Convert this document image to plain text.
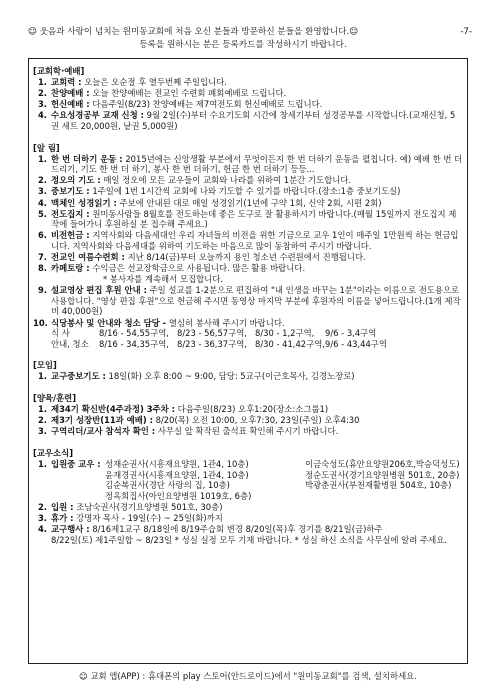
☺ 웃음과 사랑이 넘치는 원미동교회에 처음 오신 분들과 방문하신 분들을 환영합니다.☺	-7-
등록을 원하시는 분은 등록카드를 작성하시기 바랍니다.
[교회학·예배]
1. 교회력 : 오늘은 오순절 후 열두번째 주일입니다.
2. 찬양예배 : 오늘 찬양예배는 전교인 수련회 폐회예배로 드립니다.
3. 헌신예배 : 다음주일(8/23) 찬양예배는 제7여전도회 헌신예배로 드립니다.
4. 수요성경공부 교재 신청 : 9월 2일(수)부터 수요기도회 시간에 창세기부터 성경공부를 시작합니다.(교재신청, 5권 세트 20,000원, 낱권 5,000원)
[알 림]
1. 한 번 더하기 운동 : 2015년에는 신앙생활 부분에서 무엇이든지 한 번 더하기 운동을 펼칩니다. 예) 예배 한 번 더 드리기, 기도 한 번 더 하기, 봉사 한 번 더하기, 헌금 한 번 더하기 등등...
2. 정오의 기도 : 매일 정오에 모든 교우들이 교회와 나라를 위하여 1분간 기도합니다.
3. 중보기도 : 1주일에 1번 1시간씩 교회에 나와 기도할 수 있기를 바랍니다.(장소:1층 중보기도실)
4. 맥체인 성경읽기 : 주보에 안내된 대로 매일 성경읽기(1년에 구약 1회, 신약 2회, 시편 2회)
5. 전도집지 : 원미동사람들 8월호를 전도하는데 좋은 도구로 잘 활용하시기 바랍니다.(매월 15일까지 전도집지 제작에 들어가니 후원하실 분 접수해 주세요.)
6. 비전헌금 : 지역사회와 다음세대인 우리 자녀들의 비전을 위한 기금으로 교우 1인이 매주일 1만원씩 하는 헌금입니다. 지역사회와 다음세대를 위하여 기도하는 마음으로 많이 동참하여 주시기 바랍니다.
7. 전교인 여름수련회 : 지난 8/14(금)부터 오늘까지 용인 청소년 수련원에서 진행됩니다.
8. 카페토랑 : 수익금은 선교장학금으로 사용됩니다. 많은 활용 바랍니다.
* 봉사자를 계속해서 모집합니다.
9. 설교영상 편집 후원 안내 : 주일 설교를 1-2분으로 편집하여 "내 인생을 바꾸는 1분"이라는 이름으로 전도용으로 사용합니다. "영상 편집 후원"으로 헌금해 주시면 동영상 마지막 부분에 후원자의 이름을 넣어드립니다.(1개 제작비 40,000원)
10. 식당봉사 및 안내와 청소 담당 - 열심히 봉사해 주시기 바랍니다.
식 사	8/16 - 54,55구역, 8/23 - 56,57구역, 8/30 - 1,2구역,	9/6 - 3,4구역
안내, 청소	8/16 - 34,35구역, 8/23 - 36,37구역, 8/30 - 41,42구역, 9/6 - 43,44구역
[모임]
1. 교구중보기도 : 18일(화) 오후 8:00 ~ 9:00, 담당: 5교구(이근호목사, 김경노장로)
[양육/훈련]
1. 제34기 확신반(4주과정) 3주차 : 다음주일(8/23) 오후1:20(장소:소그룹1)
2. 제3기 성장반(11과 예배) : 8/20(목) 오전 10:00, 오후7:30, 23일(주일) 오후4:30
3. 구역리더/교사 참석자 확인 : 사무실 앞 확작된 출석표 확인해 주시기 바랍니다.
[교우소식]
1. 입원중 교우 : 성재순권사(시흥재요양원, 1관4, 10층)	이금숙성도(휴안요양원206호,박승덕성도)
윤재경권사(시흥재요양원, 1관4, 10층)	정순도권사(경기요양원병원 501호, 20층)
김순복권사(경단 사랑의 집, 10층)	박광춘권사(부천재활병원 504호, 10층)
정옥희집사(아인요양병원 1019호, 6층)
2. 입원 : 조남숙권사(경기요양병원 501호, 30층)
3. 휴가 : 강명자 목사 - 19일(수) ~ 25일(화)까지
4. 교구행사 : 8/16제1교구 8/18일에 8/19주습회 변경 8/20일(목)후 경기를 8/21일(금)하주
8/22일(토) 제1주일합 ~ 8/23일 * 성실 실정 모두 기재 바랍니다. * 성실 하신 소식을 사무실에 알려 주세요.
☺ 교회 앱(APP) : 휴대폰의 play 스토어(안드로이드)에서 "원미동교회"를 검색, 설치하세요.
